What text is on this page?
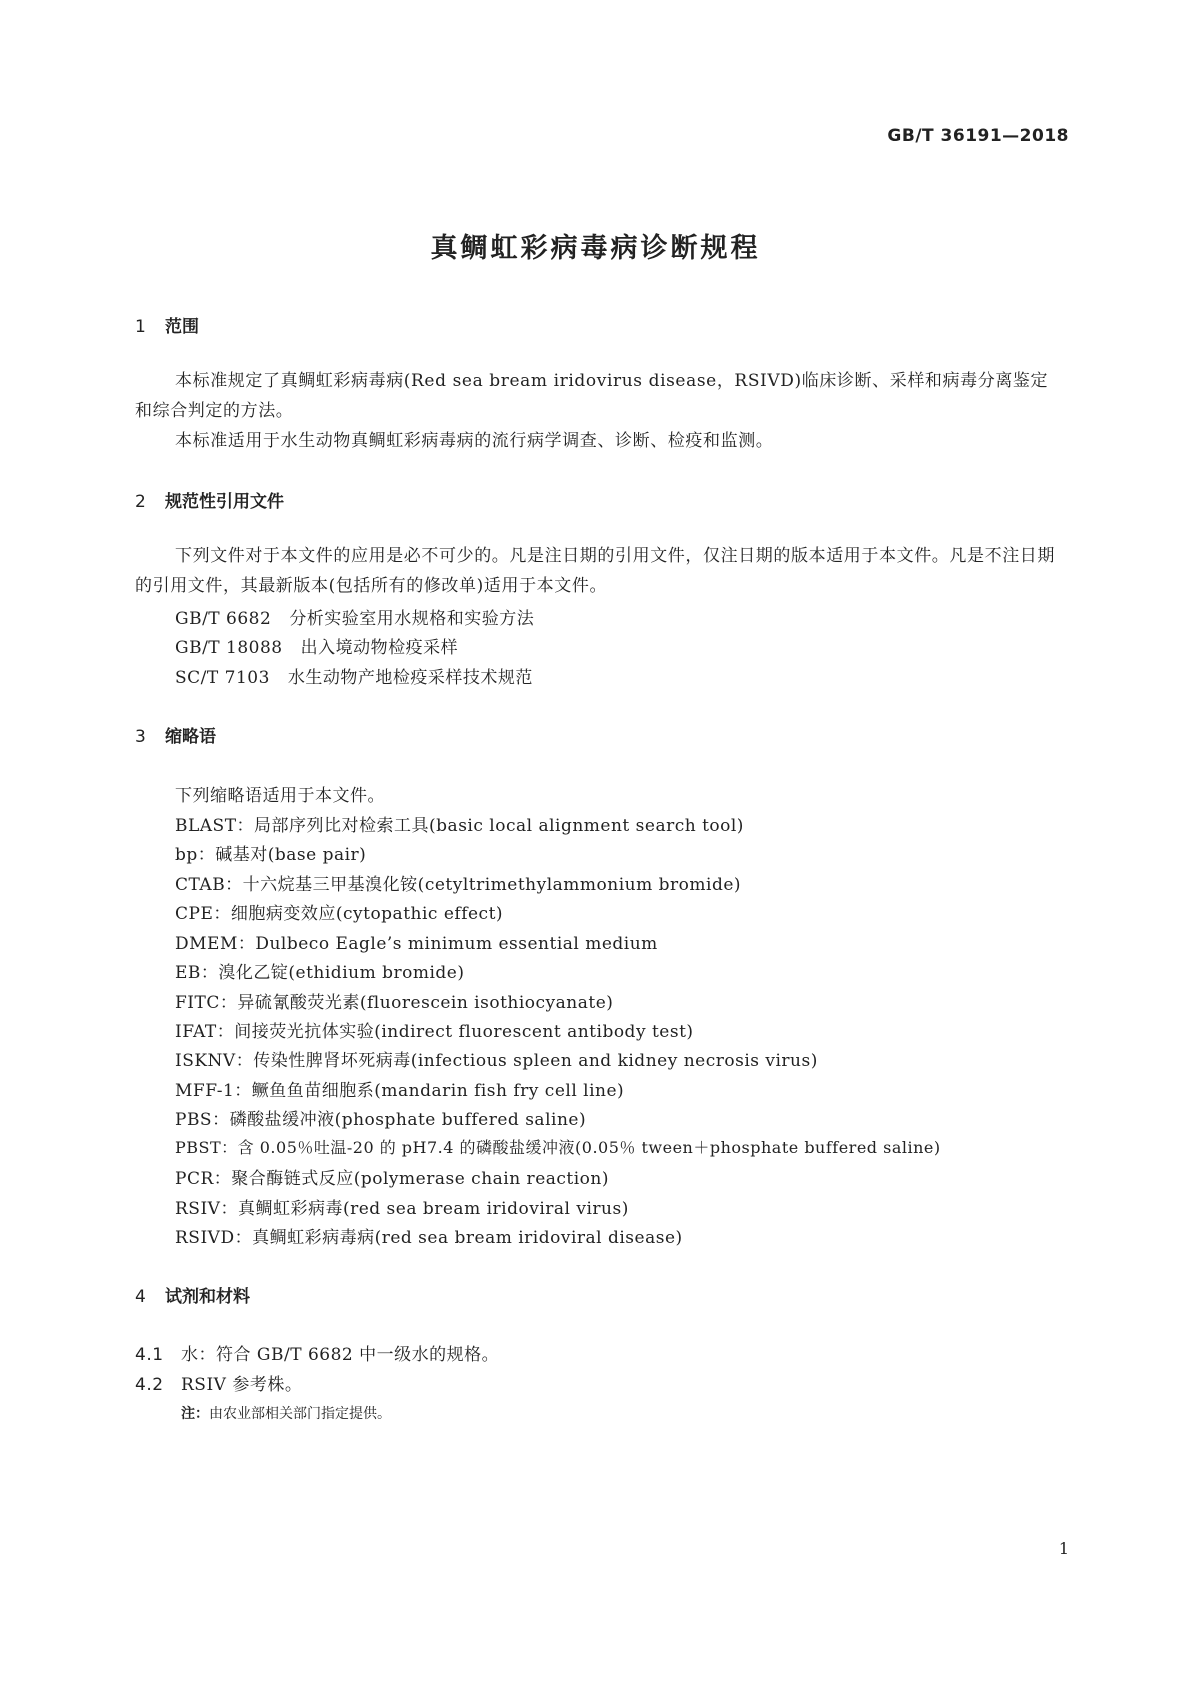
GB/T 36191—2018
真鲷虹彩病毒病诊断规程
1 范围
本标准规定了真鲷虹彩病毒病(Red sea bream iridovirus disease，RSIVD)临床诊断、采样和病毒分离鉴定和综合判定的方法。
本标准适用于水生动物真鲷虹彩病毒病的流行病学调查、诊断、检疫和监测。
2 规范性引用文件
下列文件对于本文件的应用是必不可少的。凡是注日期的引用文件，仅注日期的版本适用于本文件。凡是不注日期的引用文件，其最新版本(包括所有的修改单)适用于本文件。
GB/T 6682 分析实验室用水规格和实验方法
GB/T 18088 出入境动物检疫采样
SC/T 7103 水生动物产地检疫采样技术规范
3 缩略语
下列缩略语适用于本文件。
BLAST：局部序列比对检索工具(basic local alignment search tool)
bp：碱基对(base pair)
CTAB：十六烷基三甲基溴化铵(cetyltrimethylammonium bromide)
CPE：细胞病变效应(cytopathic effect)
DMEM：Dulbeco Eagle’s minimum essential medium
EB：溴化乙锭(ethidium bromide)
FITC：异硫氰酸荧光素(fluorescein isothiocyanate)
IFAT：间接荧光抗体实验(indirect fluorescent antibody test)
ISKNV：传染性脾肾坏死病毒(infectious spleen and kidney necrosis virus)
MFF-1：鳜鱼鱼苗细胞系(mandarin fish fry cell line)
PBS：磷酸盐缓冲液(phosphate buffered saline)
PBST：含 0.05％吐温-20 的 pH7.4 的磷酸盐缓冲液(0.05％ tween＋phosphate buffered saline)
PCR：聚合酶链式反应(polymerase chain reaction)
RSIV：真鲷虹彩病毒(red sea bream iridoviral virus)
RSIVD：真鲷虹彩病毒病(red sea bream iridoviral disease)
4 试剂和材料
4.1 水：符合 GB/T 6682 中一级水的规格。
4.2 RSIV 参考株。
注：由农业部相关部门指定提供。
1
